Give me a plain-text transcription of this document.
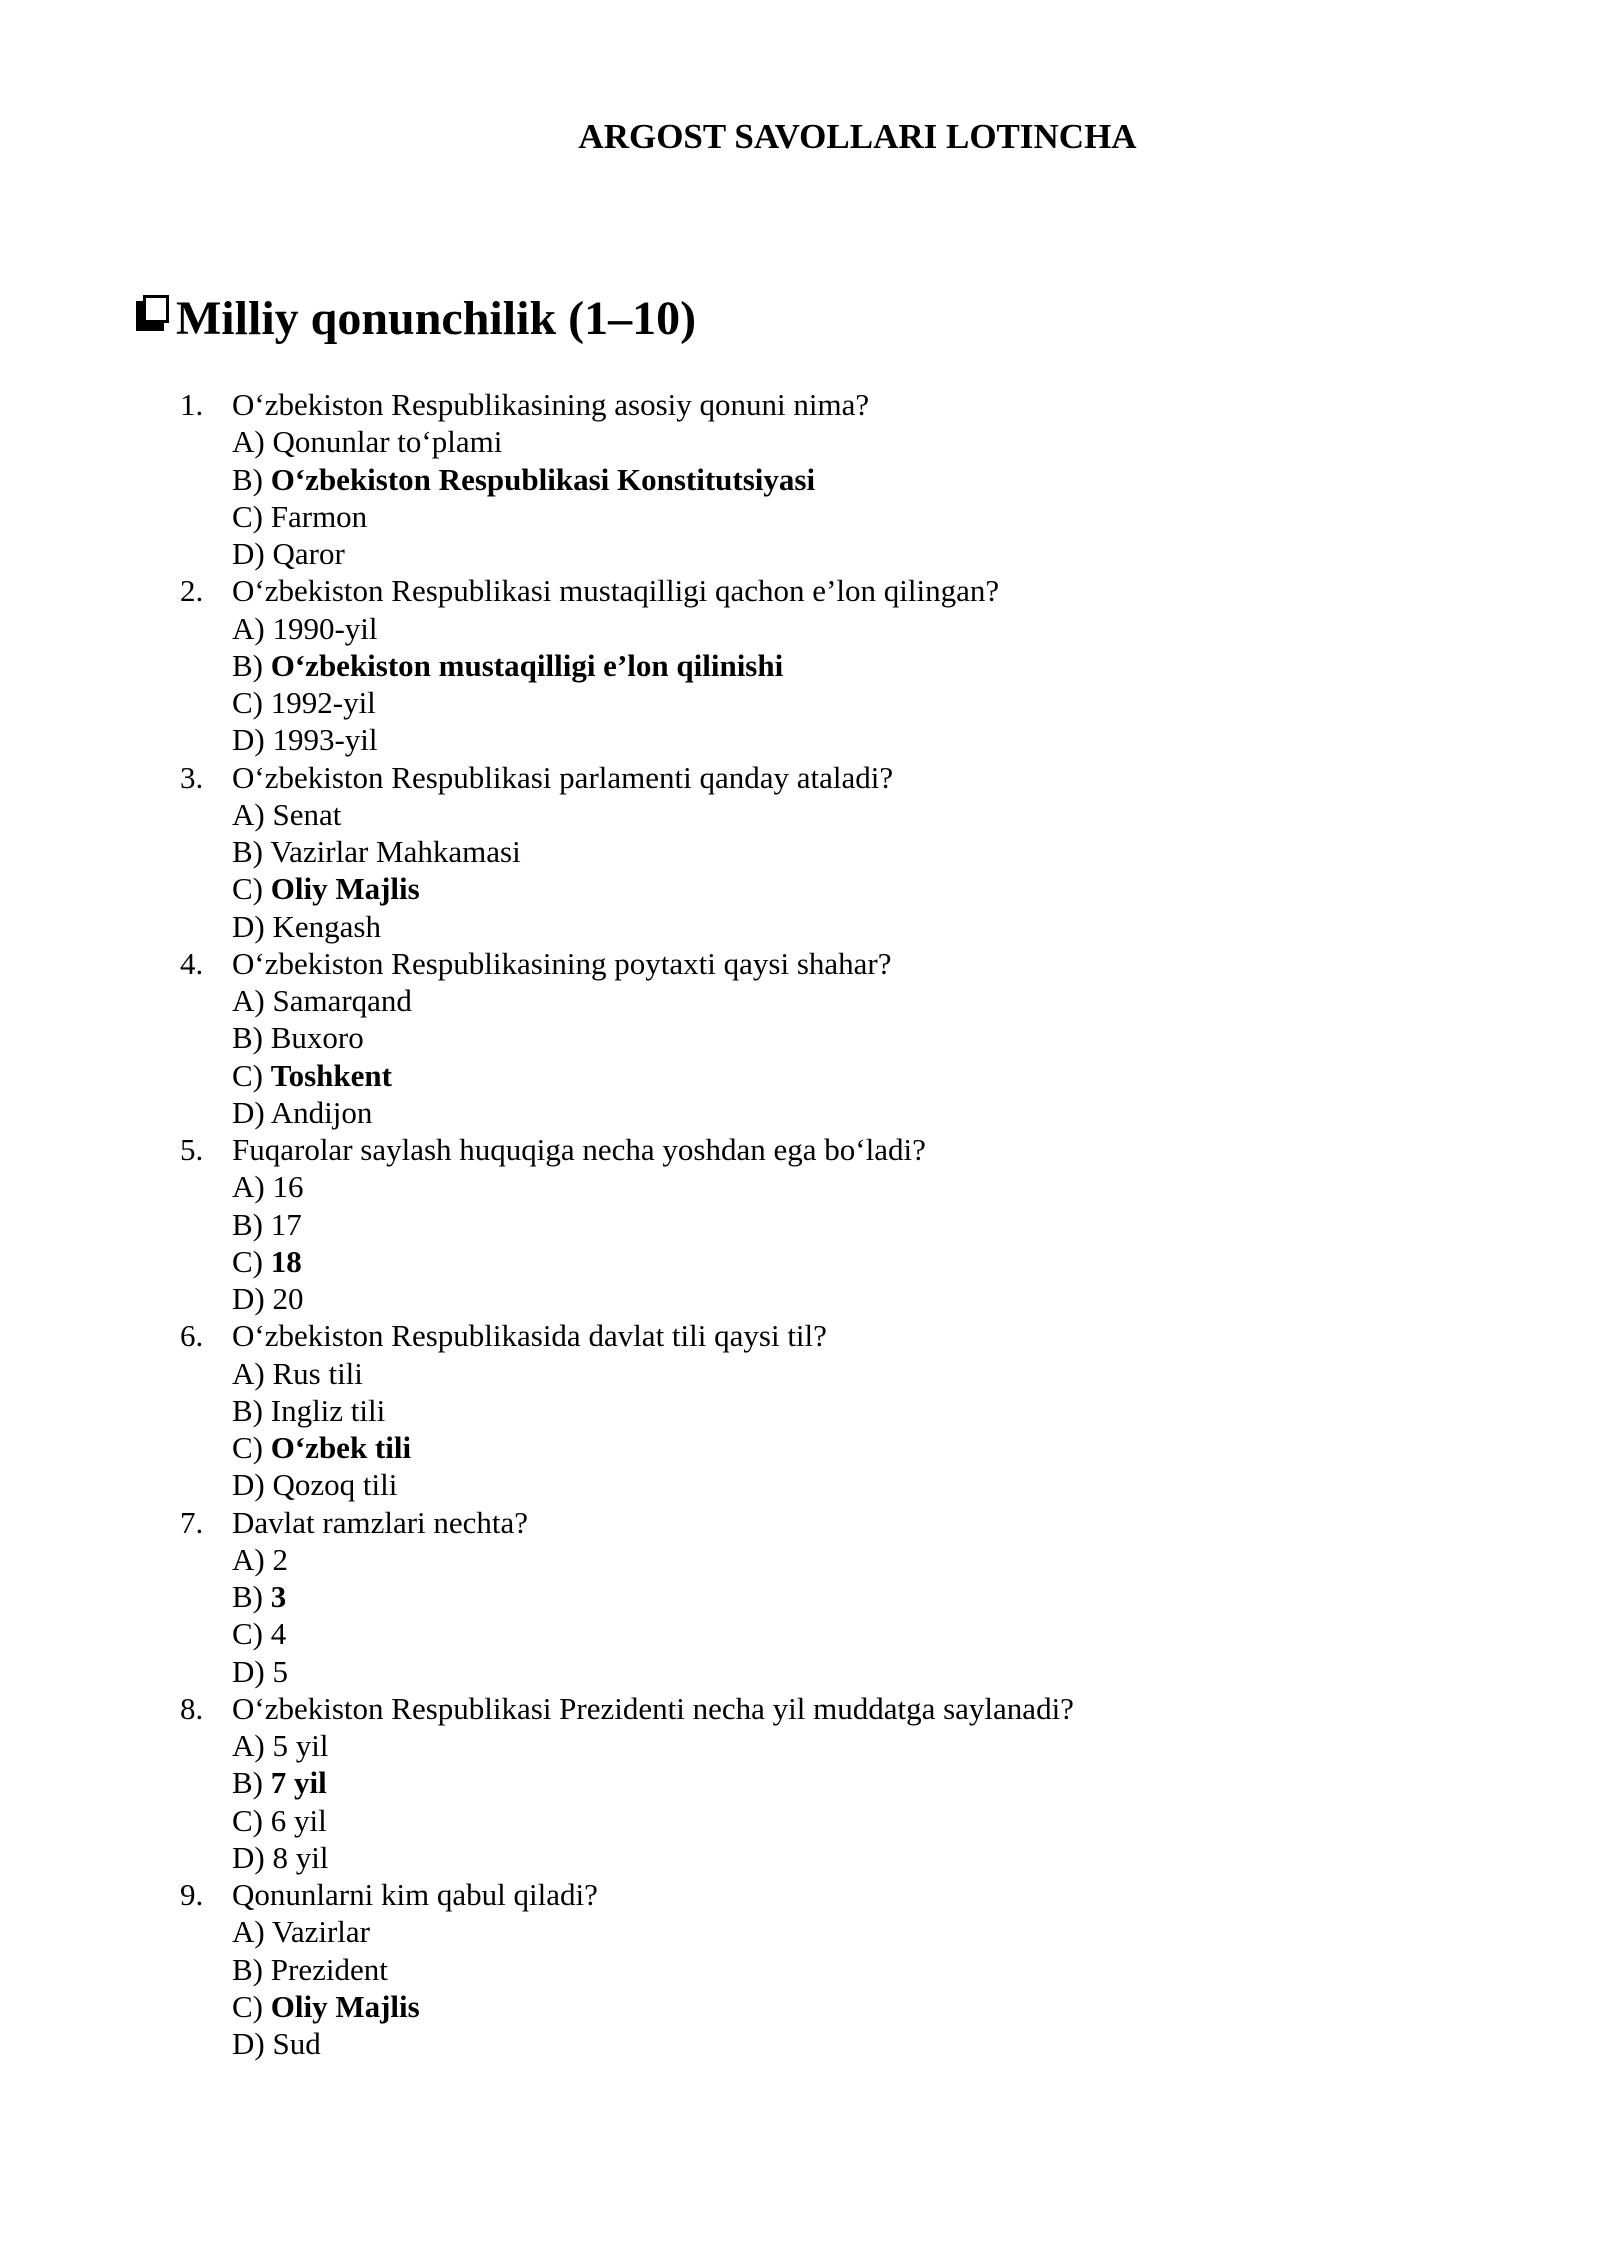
ARGOST SAVOLLARI LOTINCHA
Milliy qonunchilik (1–10)
1. O‘zbekiston Respublikasining asosiy qonuni nima?
A) Qonunlar to‘plami
B) O‘zbekiston Respublikasi Konstitutsiyasi
C) Farmon
D) Qaror
2. O‘zbekiston Respublikasi mustaqilligi qachon e’lon qilingan?
A) 1990-yil
B) O‘zbekiston mustaqilligi e’lon qilinishi
C) 1992-yil
D) 1993-yil
3. O‘zbekiston Respublikasi parlamenti qanday ataladi?
A) Senat
B) Vazirlar Mahkamasi
C) Oliy Majlis
D) Kengash
4. O‘zbekiston Respublikasining poytaxti qaysi shahar?
A) Samarqand
B) Buxoro
C) Toshkent
D) Andijon
5. Fuqarolar saylash huquqiga necha yoshdan ega bo‘ladi?
A) 16
B) 17
C) 18
D) 20
6. O‘zbekiston Respublikasida davlat tili qaysi til?
A) Rus tili
B) Ingliz tili
C) O‘zbek tili
D) Qozoq tili
7. Davlat ramzlari nechta?
A) 2
B) 3
C) 4
D) 5
8. O‘zbekiston Respublikasi Prezidenti necha yil muddatga saylanadi?
A) 5 yil
B) 7 yil
C) 6 yil
D) 8 yil
9. Qonunlarni kim qabul qiladi?
A) Vazirlar
B) Prezident
C) Oliy Majlis
D) Sud
